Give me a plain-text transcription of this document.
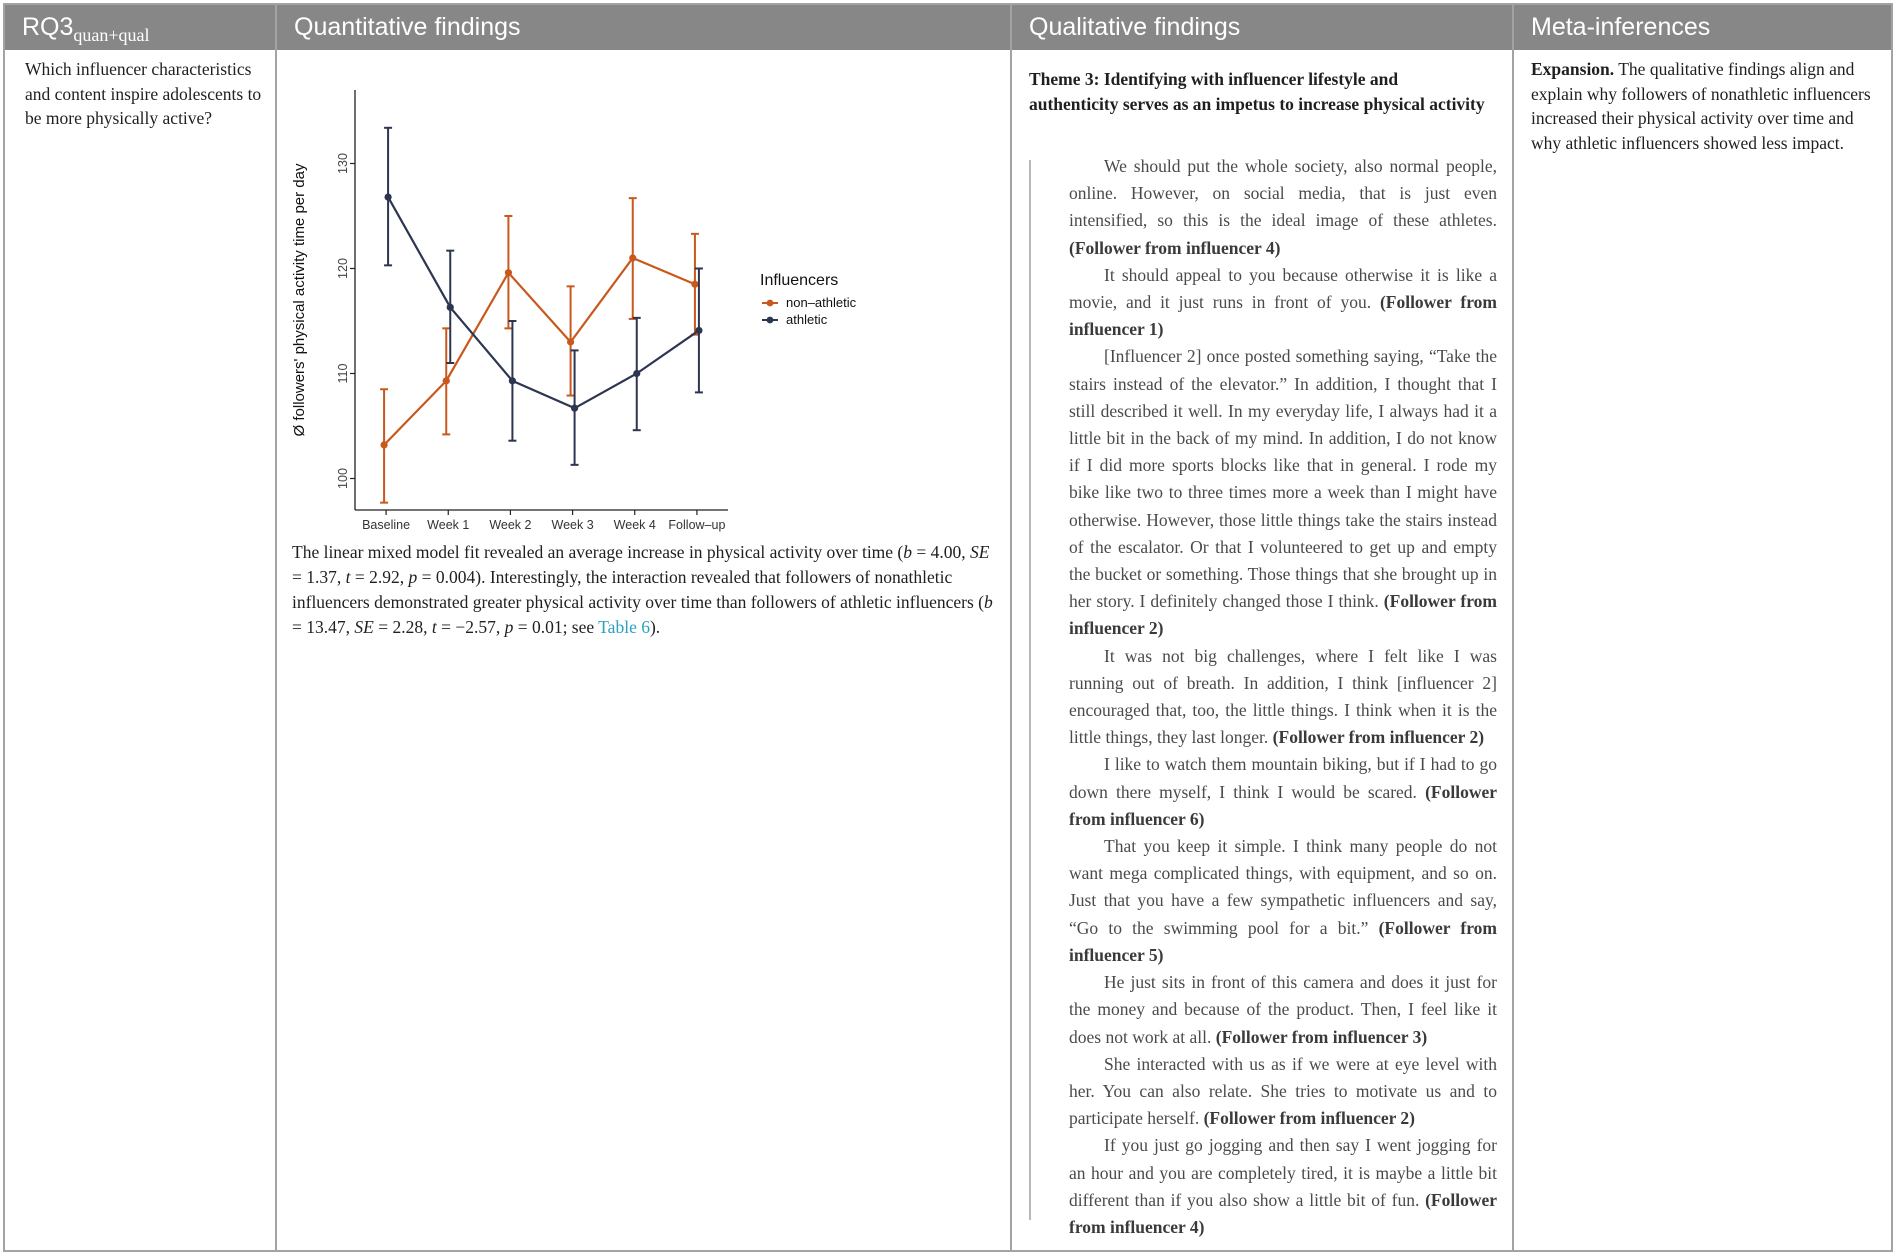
$RQ3_{quan+qual}$	Quantitative findings	Qualitative findings	Meta-inferences
Which influencer characteristics and content inspire adolescents to be more physically active?
100
110
120
130
Baseline Week 1 Week 2 Week 3 Week 4 Follow–up
Ø followers' physical activity time per day	Influencers
non–athletic
athletic
The linear mixed model fit revealed an average increase in physical activity over time (b = 4.00, SE = 1.37, t = 2.92, p = 0.004). Interestingly, the interaction revealed that followers of nonathletic influencers demonstrated greater physical activity over time than followers of athletic influencers (b = 13.47, SE = 2.28, t = −2.57, p = 0.01; see Table 6).
Theme 3: Identifying with influencer lifestyle and authenticity serves as an impetus to increase physical activity

We should put the whole society, also normal people, online. However, on social media, that is just even intensified, so this is the ideal image of these athletes. (Follower from influencer 4)

It should appeal to you because otherwise it is like a movie, and it just runs in front of you. (Follower from influencer 1)

[Influencer 2] once posted something saying, “Take the stairs instead of the elevator.” In addition, I thought that I still described it well. In my everyday life, I always had it a little bit in the back of my mind. In addition, I do not know if I did more sports blocks like that in general. I rode my bike like two to three times more a week than I might have otherwise. However, those little things take the stairs instead of the escalator. Or that I volunteered to get up and empty the bucket or something. Those things that she brought up in her story. I definitely changed those I think. (Follower from influencer 2)

It was not big challenges, where I felt like I was running out of breath. In addition, I think [influencer 2] encouraged that, too, the little things. I think when it is the little things, they last longer. (Follower from influencer 2)

I like to watch them mountain biking, but if I had to go down there myself, I think I would be scared. (Follower from influencer 6)

That you keep it simple. I think many people do not want mega complicated things, with equipment, and so on. Just that you have a few sympathetic influencers and say, “Go to the swimming pool for a bit.” (Follower from influencer 5)

He just sits in front of this camera and does it just for the money and because of the product. Then, I feel like it does not work at all. (Follower from influencer 3)

She interacted with us as if we were at eye level with her. You can also relate. She tries to motivate us and to participate herself. (Follower from influencer 2)

If you just go jogging and then say I went jogging for an hour and you are completely tired, it is maybe a little bit different than if you also show a little bit of fun. (Follower from influencer 4)

Expansion. The qualitative findings align and explain why followers of nonathletic influencers increased their physical activity over time and why athletic influencers showed less impact.
